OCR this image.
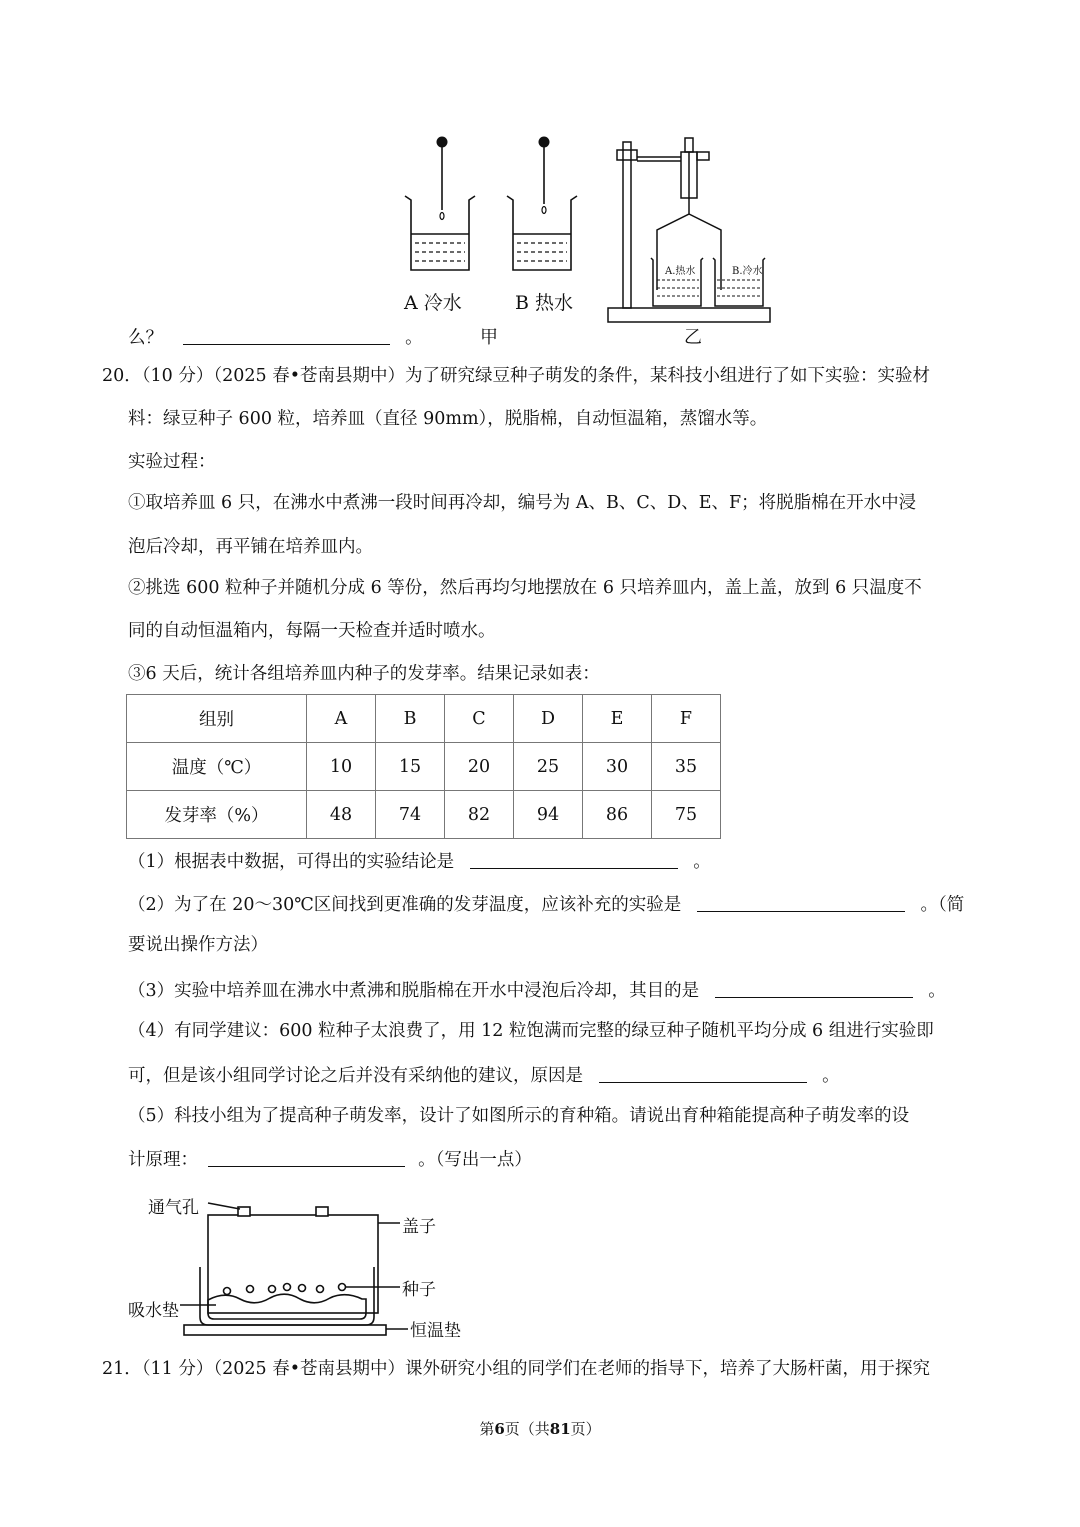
A.热水	B.冷水
A 冷水	B 热水
甲	乙
么？	。
20．（10 分）（2025 春•苍南县期中）为了研究绿豆种子萌发的条件，某科技小组进行了如下实验：实验材
料：绿豆种子 600 粒，培养皿（直径 90mm），脱脂棉，自动恒温箱，蒸馏水等。
实验过程：
①取培养皿 6 只，在沸水中煮沸一段时间再冷却，编号为 A、B、C、D、E、F；将脱脂棉在开水中浸
泡后冷却，再平铺在培养皿内。
②挑选 600 粒种子并随机分成 6 等份，然后再均匀地摆放在 6 只培养皿内，盖上盖，放到 6 只温度不
同的自动恒温箱内，每隔一天检查并适时喷水。
③6 天后，统计各组培养皿内种子的发芽率。结果记录如表：
组别	A	B	C	D	E	F
温度（℃）	10	15	20	25	30	35
发芽率（%）	48	74	82	94	86	75
（1）根据表中数据，可得出的实验结论是	。
（2）为了在 20～30℃区间找到更准确的发芽温度，应该补充的实验是	。（简
要说出操作方法）
（3）实验中培养皿在沸水中煮沸和脱脂棉在开水中浸泡后冷却，其目的是	。
（4）有同学建议：600 粒种子太浪费了，用 12 粒饱满而完整的绿豆种子随机平均分成 6 组进行实验即
可，但是该小组同学讨论之后并没有采纳他的建议，原因是	。
（5）科技小组为了提高种子萌发率，设计了如图所示的育种箱。请说出育种箱能提高种子萌发率的设
计原理：	。（写出一点）
通气孔
盖子
种子
吸水垫
恒温垫
21．（11 分）（2025 春•苍南县期中）课外研究小组的同学们在老师的指导下，培养了大肠杆菌，用于探究
第6页（共81页）
